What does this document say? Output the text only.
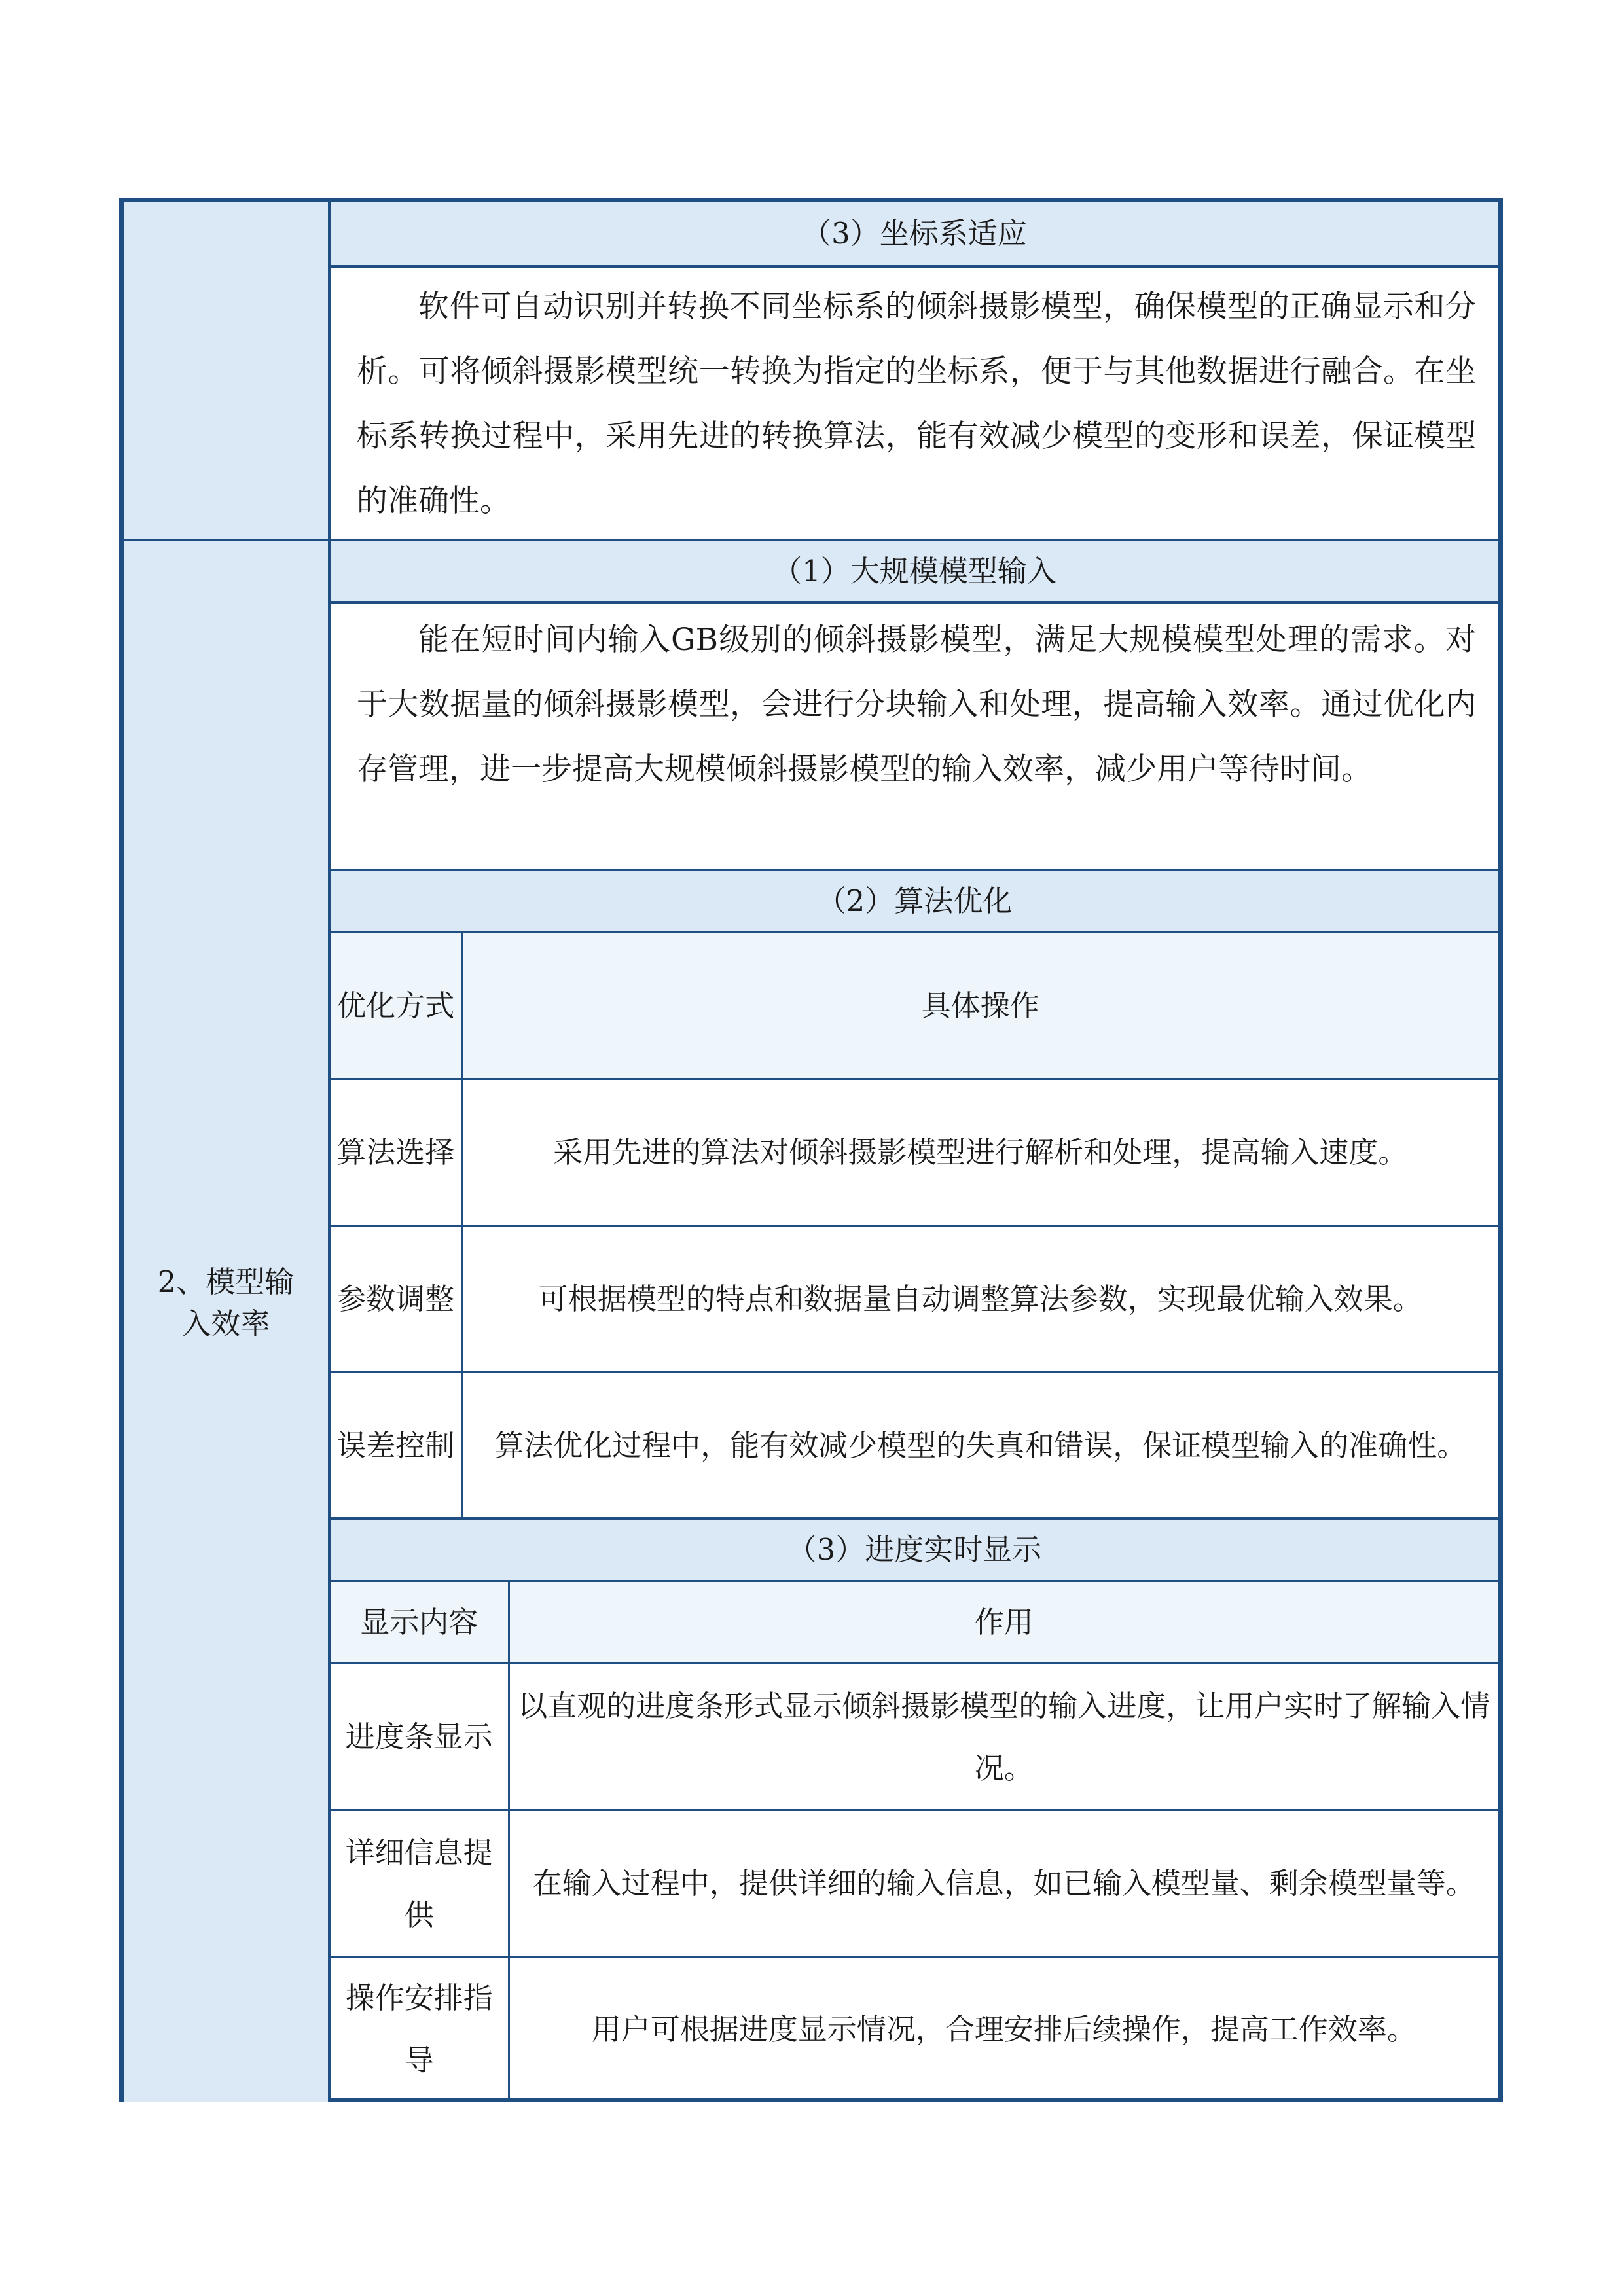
（3）坐标系适应
软件可自动识别并转换不同坐标系的倾斜摄影模型，确保模型的正确显示和分析。可将倾斜摄影模型统一转换为指定的坐标系，便于与其他数据进行融合。在坐标系转换过程中，采用先进的转换算法，能有效减少模型的变形和误差，保证模型的准确性。
2、模型输
入效率
（1）大规模模型输入
能在短时间内输入GB级别的倾斜摄影模型，满足大规模模型处理的需求。对于大数据量的倾斜摄影模型，会进行分块输入和处理，提高输入效率。通过优化内存管理，进一步提高大规模倾斜摄影模型的输入效率，减少用户等待时间。
（2）算法优化
优化方式	具体操作
算法选择	采用先进的算法对倾斜摄影模型进行解析和处理，提高输入速度。
参数调整	可根据模型的特点和数据量自动调整算法参数，实现最优输入效果。
误差控制	算法优化过程中，能有效减少模型的失真和错误，保证模型输入的准确性。
（3）进度实时显示
显示内容	作用
进度条显示	以直观的进度条形式显示倾斜摄影模型的输入进度，让用户实时了解输入情况。
详细信息提供	在输入过程中，提供详细的输入信息，如已输入模型量、剩余模型量等。
操作安排指导	用户可根据进度显示情况，合理安排后续操作，提高工作效率。
